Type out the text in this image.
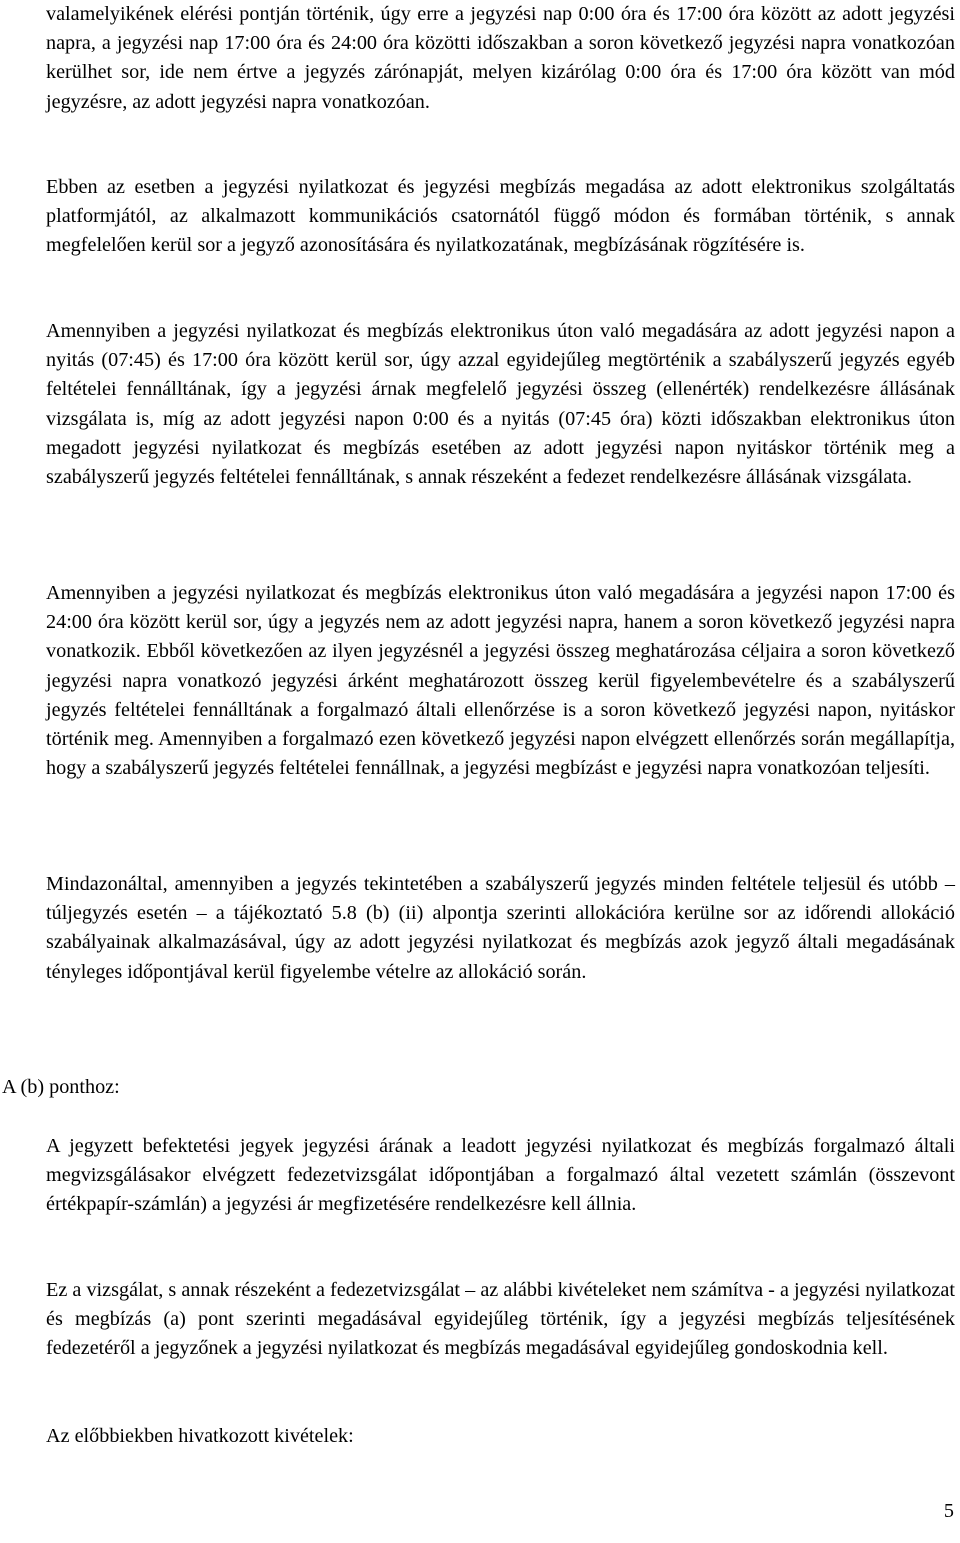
valamelyikének elérési pontján történik, úgy erre a jegyzési nap 0:00 óra és 17:00 óra között az adott jegyzési napra, a jegyzési nap 17:00 óra és 24:00 óra közötti időszakban a soron következő jegyzési napra vonatkozóan kerülhet sor, ide nem értve a jegyzés zárónapját, melyen kizárólag 0:00 óra és 17:00 óra között van mód jegyzésre, az adott jegyzési napra vonatkozóan.

Ebben az esetben a jegyzési nyilatkozat és jegyzési megbízás megadása az adott elektronikus szolgáltatás platformjától, az alkalmazott kommunikációs csatornától függő módon és formában történik, s annak megfelelően kerül sor a jegyző azonosítására és nyilatkozatának, megbízásának rögzítésére is.

Amennyiben a jegyzési nyilatkozat és megbízás elektronikus úton való megadására az adott jegyzési napon a nyitás (07:45) és 17:00 óra között kerül sor, úgy azzal egyidejűleg megtörténik a szabályszerű jegyzés egyéb feltételei fennálltának, így a jegyzési árnak megfelelő jegyzési összeg (ellenérték) rendelkezésre állásának vizsgálata is, míg az adott jegyzési napon 0:00 és a nyitás (07:45 óra) közti időszakban elektronikus úton megadott jegyzési nyilatkozat és megbízás esetében az adott jegyzési napon nyitáskor történik meg a szabályszerű jegyzés feltételei fennálltának, s annak részeként a fedezet rendelkezésre állásának vizsgálata.

Amennyiben a jegyzési nyilatkozat és megbízás elektronikus úton való megadására a jegyzési napon 17:00 és 24:00 óra között kerül sor, úgy a jegyzés nem az adott jegyzési napra, hanem a soron következő jegyzési napra vonatkozik. Ebből következően az ilyen jegyzésnél a jegyzési összeg meghatározása céljaira a soron következő jegyzési napra vonatkozó jegyzési árként meghatározott összeg kerül figyelembevételre és a szabályszerű jegyzés feltételei fennálltának a forgalmazó általi ellenőrzése is a soron következő jegyzési napon, nyitáskor történik meg. Amennyiben a forgalmazó ezen következő jegyzési napon elvégzett ellenőrzés során megállapítja, hogy a szabályszerű jegyzés feltételei fennállnak, a jegyzési megbízást e jegyzési napra vonatkozóan teljesíti.

Mindazonáltal, amennyiben a jegyzés tekintetében a szabályszerű jegyzés minden feltétele teljesül és utóbb – túljegyzés esetén – a tájékoztató 5.8 (b) (ii) alpontja szerinti allokációra kerülne sor az időrendi allokáció szabályainak alkalmazásával, úgy az adott jegyzési nyilatkozat és megbízás azok jegyző általi megadásának tényleges időpontjával kerül figyelembe vételre az allokáció során.

A (b) ponthoz:

A jegyzett befektetési jegyek jegyzési árának a leadott jegyzési nyilatkozat és megbízás forgalmazó általi megvizsgálásakor elvégzett fedezetvizsgálat időpontjában a forgalmazó által vezetett számlán (összevont értékpapír-számlán) a jegyzési ár megfizetésére rendelkezésre kell állnia.

Ez a vizsgálat, s annak részeként a fedezetvizsgálat – az alábbi kivételeket nem számítva - a jegyzési nyilatkozat és megbízás (a) pont szerinti megadásával egyidejűleg történik, így a jegyzési megbízás teljesítésének fedezetéről a jegyzőnek a jegyzési nyilatkozat és megbízás megadásával egyidejűleg gondoskodnia kell.

Az előbbiekben hivatkozott kivételek:

5
